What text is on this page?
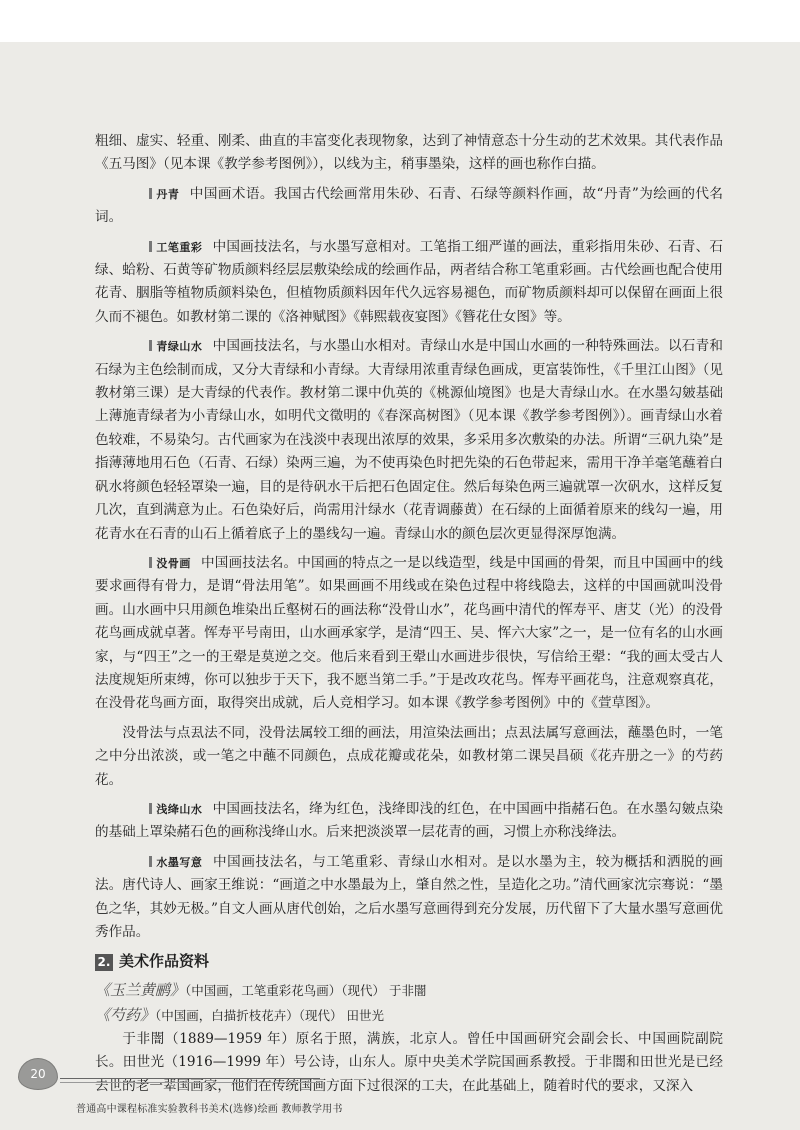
粗细、虚实、轻重、刚柔、曲直的丰富变化表现物象，达到了神情意态十分生动的艺术效果。其代表作品《五马图》（见本课《教学参考图例》），以线为主，稍事墨染，这样的画也称作白描。

丹青 中国画术语。我国古代绘画常用朱砂、石青、石绿等颜料作画，故“丹青”为绘画的代名词。

工笔重彩 中国画技法名，与水墨写意相对。工笔指工细严谨的画法，重彩指用朱砂、石青、石绿、蛤粉、石黄等矿物质颜料经层层敷染绘成的绘画作品，两者结合称工笔重彩画。古代绘画也配合使用花青、胭脂等植物质颜料染色，但植物质颜料因年代久远容易褪色，而矿物质颜料却可以保留在画面上很久而不褪色。如教材第二课的《洛神赋图》《韩熙载夜宴图》《簪花仕女图》等。

青绿山水 中国画技法名，与水墨山水相对。青绿山水是中国山水画的一种特殊画法。以石青和石绿为主色绘制而成，又分大青绿和小青绿。大青绿用浓重青绿色画成，更富装饰性，《千里江山图》（见教材第三课）是大青绿的代表作。教材第二课中仇英的《桃源仙境图》也是大青绿山水。在水墨勾皴基础上薄施青绿者为小青绿山水，如明代文徵明的《春深高树图》（见本课《教学参考图例》）。画青绿山水着色较难，不易染匀。古代画家为在浅淡中表现出浓厚的效果，多采用多次敷染的办法。所谓“三矾九染”是指薄薄地用石色（石青、石绿）染两三遍，为不使再染色时把先染的石色带起来，需用干净羊毫笔蘸着白矾水将颜色轻轻罩染一遍，目的是待矾水干后把石色固定住。然后每染色两三遍就罩一次矾水，这样反复几次，直到满意为止。石色染好后，尚需用汁绿水（花青调藤黄）在石绿的上面循着原来的线勾一遍，用花青水在石青的山石上循着底子上的墨线勾一遍。青绿山水的颜色层次更显得深厚饱满。

没骨画 中国画技法名。中国画的特点之一是以线造型，线是中国画的骨架，而且中国画中的线要求画得有骨力，是谓“骨法用笔”。如果画画不用线或在染色过程中将线隐去，这样的中国画就叫没骨画。山水画中只用颜色堆染出丘壑树石的画法称“没骨山水”，花鸟画中清代的恽寿平、唐艾（光）的没骨花鸟画成就卓著。恽寿平号南田，山水画承家学，是清“四王、吴、恽六大家”之一，是一位有名的山水画家，与“四王”之一的王翚是莫逆之交。他后来看到王翚山水画进步很快，写信给王翚：“我的画太受古人法度规矩所束缚，你可以独步于天下，我不愿当第二手。”于是改攻花鸟。恽寿平画花鸟，注意观察真花，在没骨花鸟画方面，取得突出成就，后人竞相学习。如本课《教学参考图例》中的《萱草图》。

没骨法与点厾法不同，没骨法属较工细的画法，用渲染法画出；点厾法属写意画法，蘸墨色时，一笔之中分出浓淡，或一笔之中蘸不同颜色，点成花瓣或花朵，如教材第二课吴昌硕《花卉册之一》的芍药花。

浅绛山水 中国画技法名，绛为红色，浅绛即浅的红色，在中国画中指赭石色。在水墨勾皴点染的基础上罩染赭石色的画称浅绛山水。后来把淡淡罩一层花青的画，习惯上亦称浅绛法。

水墨写意 中国画技法名，与工笔重彩、青绿山水相对。是以水墨为主，较为概括和洒脱的画法。唐代诗人、画家王维说：“画道之中水墨最为上，肇自然之性，呈造化之功。”清代画家沈宗骞说：“墨色之华，其妙无极。”自文人画从唐代创始，之后水墨写意画得到充分发展，历代留下了大量水墨写意画优秀作品。

2. 美术作品资料

《玉兰黄鹂》（中国画，工笔重彩花鸟画）（现代） 于非闇

《芍药》（中国画，白描折枝花卉）（现代） 田世光

于非闇（1889—1959 年）原名于照，满族，北京人。曾任中国画研究会副会长、中国画院副院长。田世光（1916—1999 年）号公诗，山东人。原中央美术学院国画系教授。于非闇和田世光是已经去世的老一辈国画家，他们在传统国画方面下过很深的工夫，在此基础上，随着时代的要求，又深入

20
普通高中课程标准实验教科书美术(选修)绘画 教师教学用书
